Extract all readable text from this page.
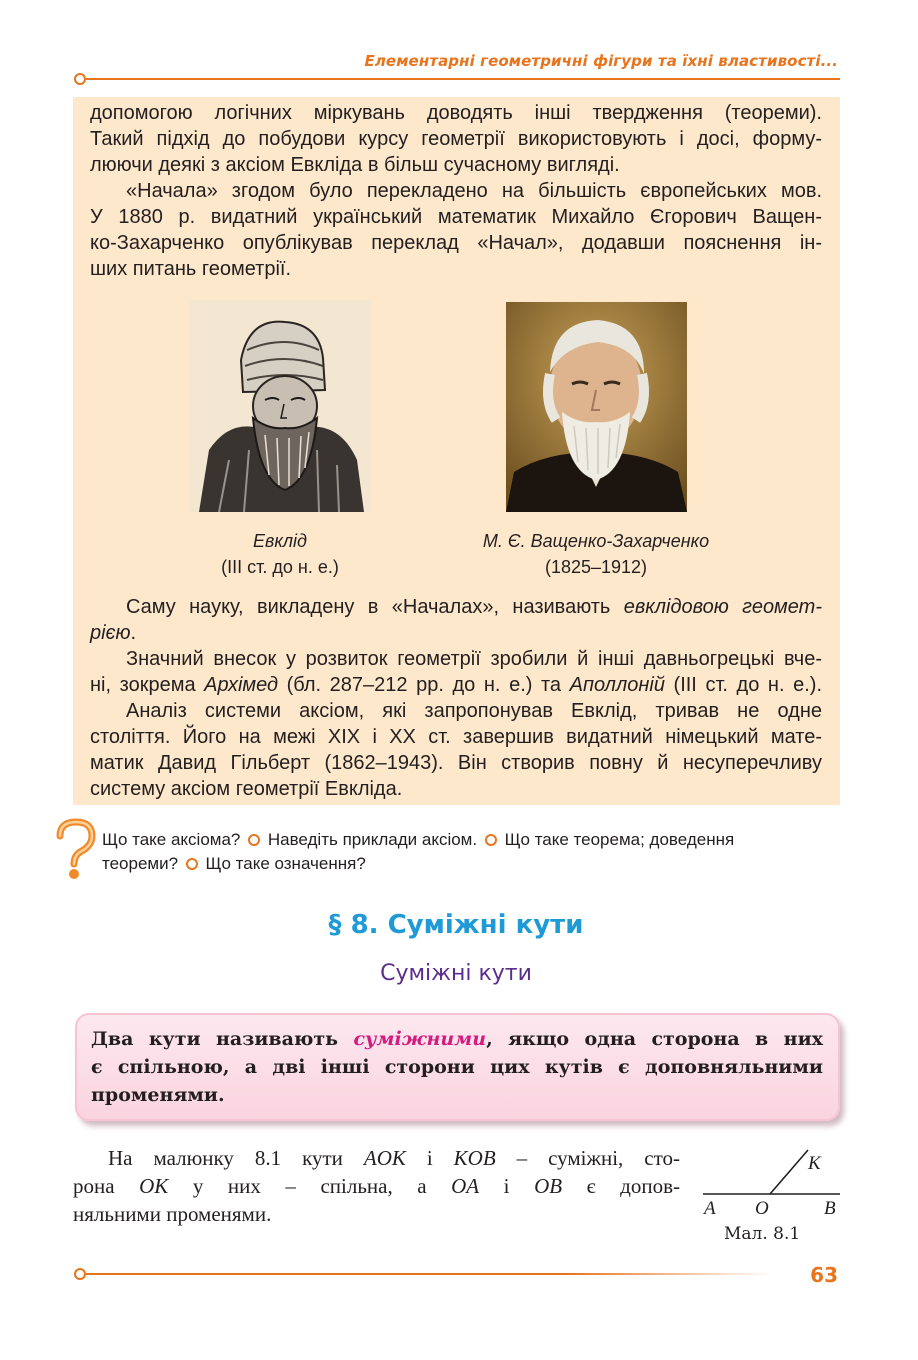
Елементарні геометричні фігури та їхні властивості...
допомогою логічних міркувань доводять інші твердження (теореми).
Такий підхід до побудови курсу геометрії використовують і досі, форму-
люючи деякі з аксіом Евкліда в більш сучасному вигляді.
«Начала» згодом було перекладено на більшість європейських мов.
У 1880 р. видатний український математик Михайло Єгорович Ващен-
ко-Захарченко опублікував переклад «Начал», додавши пояснення ін-
ших питань геометрії.
Евклід
(III ст. до н. е.)
М. Є. Ващенко-Захарченко
(1825–1912)
Саму науку, викладену в «Началах», називають евклідовою геомет-
рією.
Значний внесок у розвиток геометрії зробили й інші давньогрецькі вче-
ні, зокрема Архімед (бл. 287–212 рр. до н. е.) та Аполлоній (III ст. до н. е.).
Аналіз системи аксіом, які запропонував Евклід, тривав не одне
століття. Його на межі XIX і XX ст. завершив видатний німецький мате-
матик Давид Гільберт (1862–1943). Він створив повну й несуперечливу
систему аксіом геометрії Евкліда.
Що таке аксіома? Наведіть приклади аксіом. Що таке теорема; доведення
теореми? Що таке означення?
§ 8. Суміжні кути
Суміжні кути
Два кути називають суміжними, якщо одна сторона в них
є спільною, а дві інші сторони цих кутів є доповняльними
променями.
На малюнку 8.1 кути AOK і KOB – суміжні, сто-
рона OK у них – спільна, а OA і OB є допов-
няльними променями.
K
A O	B
Мал. 8.1
63
